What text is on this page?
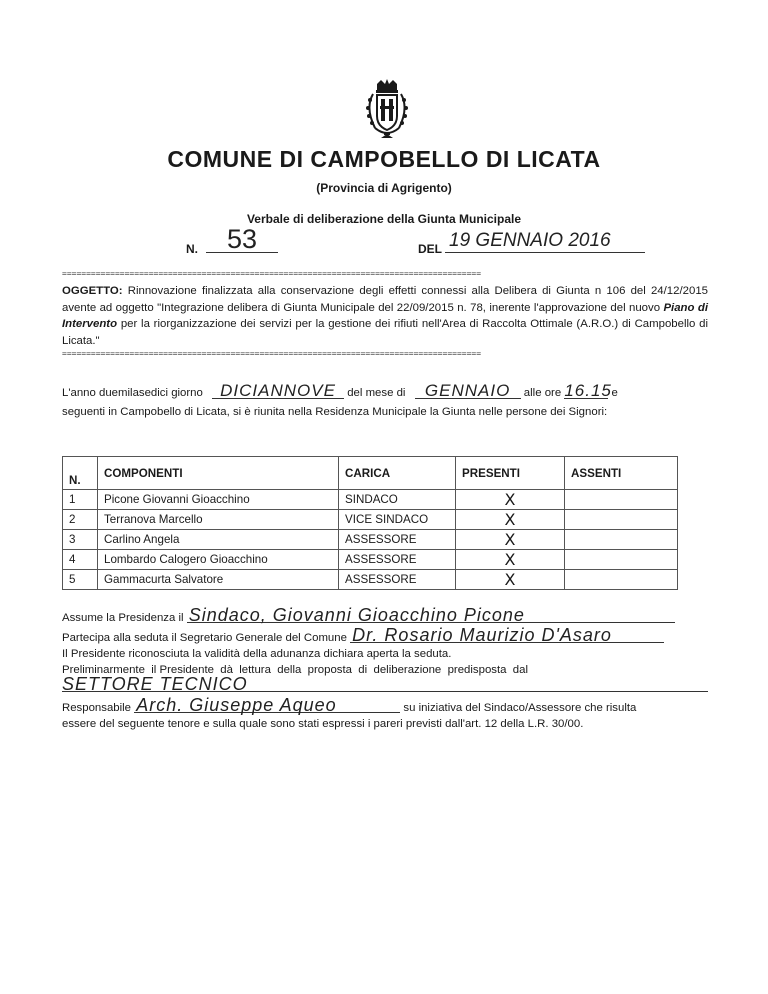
COMUNE DI CAMPOBELLO DI LICATA
(Provincia di Agrigento)
Verbale di deliberazione della Giunta Municipale
N.	53	DEL 19 GENNAIO 2016
=======================================================================================
OGGETTO: Rinnovazione finalizzata alla conservazione degli effetti connessi alla Delibera di Giunta n 106 del 24/12/2015 avente ad oggetto "Integrazione delibera di Giunta Municipale del 22/09/2015 n. 78, inerente l'approvazione del nuovo Piano di Intervento per la riorganizzazione dei servizi per la gestione dei rifiuti nell'Area di Raccolta Ottimale (A.R.O.) di Campobello di Licata."
=======================================================================================
L'anno duemilasedici giorno DICIANNOVE del mese di GENNAIO alle ore 16.15 e
seguenti in Campobello di Licata, si è riunita nella Residenza Municipale la Giunta nelle persone dei Signori:
N.	COMPONENTI	CARICA	PRESENTI	ASSENTI
1	Picone Giovanni Gioacchino	SINDACO	X	
2	Terranova Marcello	VICE SINDACO	X	
3	Carlino Angela	ASSESSORE	X	
4	Lombardo Calogero Gioacchino	ASSESSORE	X	
5	Gammacurta Salvatore	ASSESSORE	X	
Assume la Presidenza il Sindaco, Giovanni Gioacchino Picone
Partecipa alla seduta il Segretario Generale del Comune Dr. Rosario Maurizio D'Asaro
Il Presidente riconosciuta la validità della adunanza dichiara aperta la seduta.
Preliminarmente  il Presidente  dà  lettura  della  proposta  di  deliberazione  predisposta  dal
SETTORE TECNICO
Responsabile Arch. Giuseppe Aqueo	su iniziativa del Sindaco/Assessore che risulta
essere del seguente tenore e sulla quale sono stati espressi i pareri previsti dall'art. 12 della L.R. 30/00.
